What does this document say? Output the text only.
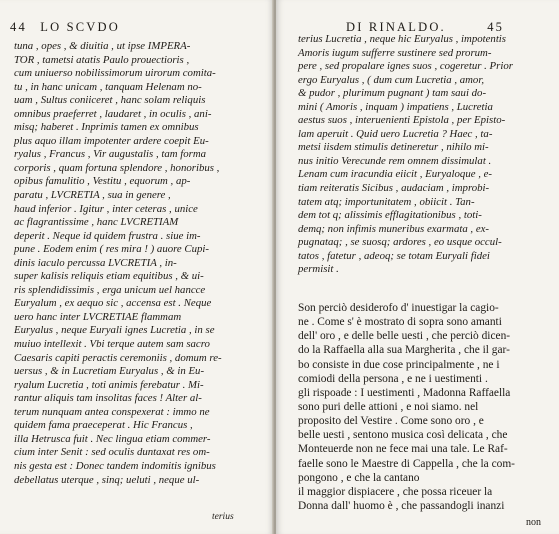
44 LO SCVDO
tuna , opes , & diuitia , ut ipse IMPERA-
TOR , tametsi atatis Paulo prouectioris ,
cum uniuerso nobilissimorum uirorum comita-
tu , in hanc unicam , tanquam Helenam no-
uam , Sultus coniiceret , hanc solam reliquis
omnibus praeferret , laudaret , in oculis , ani-
misq; haberet . Inprimis tamen ex omnibus
plus aquo illam impotenter ardere coepit Eu-
ryalus , Francus , Vir augustalis , tam forma
corporis , quam fortuna splendore , honoribus ,
opibus famulitio , Vestitu , equorum , ap-
paratu , LVCRETIA , sua in genere ,
haud inferior . Igitur , inter ceteras , unice
ac flagrantissime , hanc LVCRETIAM
deperit . Neque id quidem frustra . siue im-
pune . Eodem enim ( res mira ! ) auore Cupi-
dinis iaculo percussa LVCRETIA , in-
super kalisis reliquis etiam equitibus , & ui-
ris splendidissimis , erga unicum uel hancce
Euryalum , ex aequo sic , accensa est . Neque
uero hanc inter LVCRETIAE flammam
Euryalus , neque Euryali ignes Lucretia , in se
muiuo intellexit . Vbi terque autem sam sacro
Caesaris capiti peractis ceremoniis , domum re-
uersus , & in Lucretiam Euryalus , & in Eu-
ryalum Lucretia , toti animis ferebatur . Mi-
rantur aliquis tam insolitas faces ! Alter al-
terum nunquam antea conspexerat : immo ne
quidem fama praeceperat . Hic Francus ,
illa Hetrusca fuit . Nec lingua etiam commer-
cium inter Senit : sed oculis duntaxat res om-
nis gesta est : Donec tandem indomitis ignibus
debellatus uterque , sinq; ueluti , neque ul-
terius
DI RINALDO.	45
terius Lucretia , neque hic Euryalus , impotentis
Amoris iugum sufferre sustinere sed prorum-
pere , sed propalare ignes suos , cogeretur . Prior
ergo Euryalus , ( dum cum Lucretia , amor,
& pudor , plurimum pugnant ) tam saui do-
mini ( Amoris , inquam ) impatiens , Lucretia
aestus suos , interuenienti Epistola , per Episto-
lam aperuit . Quid uero Lucretia ? Haec , ta-
metsi iisdem stimulis detineretur , nihilo mi-
nus initio Verecunde rem omnem dissimulat .
Lenam cum iracundia eiicit , Euryaloque , e-
tiam reiteratis Sicibus , audaciam , improbi-
tatem atq; importunitatem , obiicit . Tan-
dem tot q; alissimis efflagitationibus , toti-
demq; non infimis muneribus exarmata , ex-
pugnataq; , se suosq; ardores , eo usque occul-
tatos , fatetur , adeoq; se totam Euryali fidei
permisit .
Son perciò desiderofo d' inuestigar la cagio-
ne . Come s' è mostrato di sopra sono amanti
dell' oro , e delle belle uesti , che perciò dicen-
do la Raffaella alla sua Margherita , che il gar-
bo consiste in due cose principalmente , ne i
comiodi della persona , e ne i uestimenti .
gli rispoade : I uestimenti , Madonna Raffaella
sono puri delle attioni , e noi siamo. nel
proposito del Vestire . Come sono oro , e
belle uesti , sentono musica così delicata , che
Monteuerde non ne fece mai una tale. Le Raf-
faelle sono le Maestre di Cappella , che la com-
pongono , e che la cantano
il maggior dispiacere , che possa riceuer la
Donna dall' huomo è , che passandogli inanzi
non
